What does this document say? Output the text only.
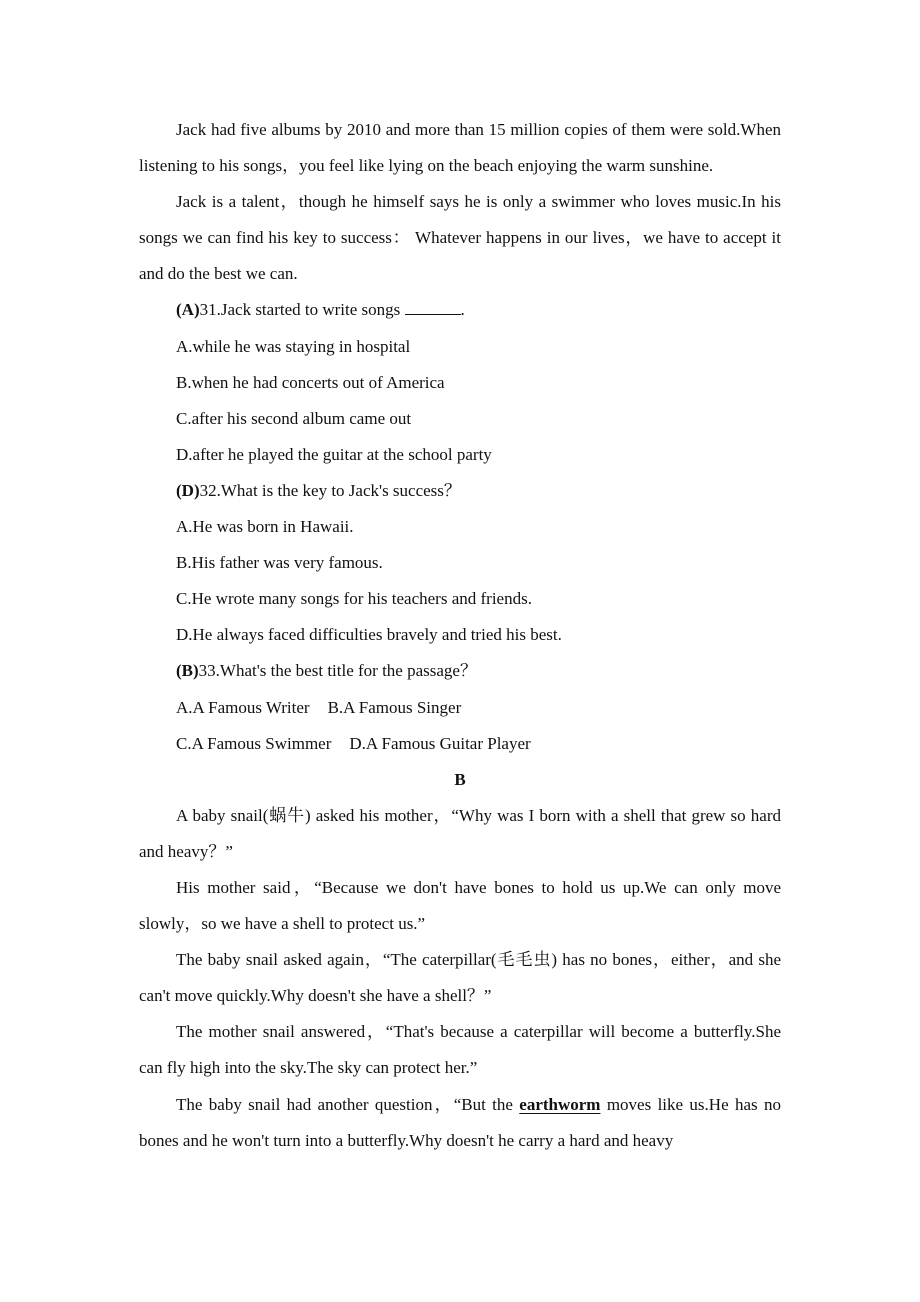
Jack had five albums by 2010 and more than 15 million copies of them were sold.When listening to his songs，you feel like lying on the beach enjoying the warm sunshine.

Jack is a talent，though he himself says he is only a swimmer who loves music.In his songs we can find his key to success： Whatever happens in our lives，we have to accept it and do the best we can.

(A)31.Jack started to write songs	.

A.while he was staying in hospital

B.when he had concerts out of America

C.after his second album came out

D.after he played the guitar at the school party

(D)32.What is the key to Jack's success？

A.He was born in Hawaii.

B.His father was very famous.

C.He wrote many songs for his teachers and friends.

D.He always faced difficulties bravely and tried his best.

(B)33.What's the best title for the passage？

A.A Famous Writer B.A Famous Singer

C.A Famous Swimmer D.A Famous Guitar Player

B

A baby snail(蜗牛) asked his mother，“Why was I born with a shell that grew so hard and heavy？”

His mother said，“Because we don't have bones to hold us up.We can only move slowly，so we have a shell to protect us.”

The baby snail asked again，“The caterpillar(毛毛虫) has no bones，either，and she can't move quickly.Why doesn't she have a shell？”

The mother snail answered，“That's because a caterpillar will become a butterfly.She can fly high into the sky.The sky can protect her.”

The baby snail had another question，“But the earthworm moves like us.He has no bones and he won't turn into a butterfly.Why doesn't he carry a hard and heavy
